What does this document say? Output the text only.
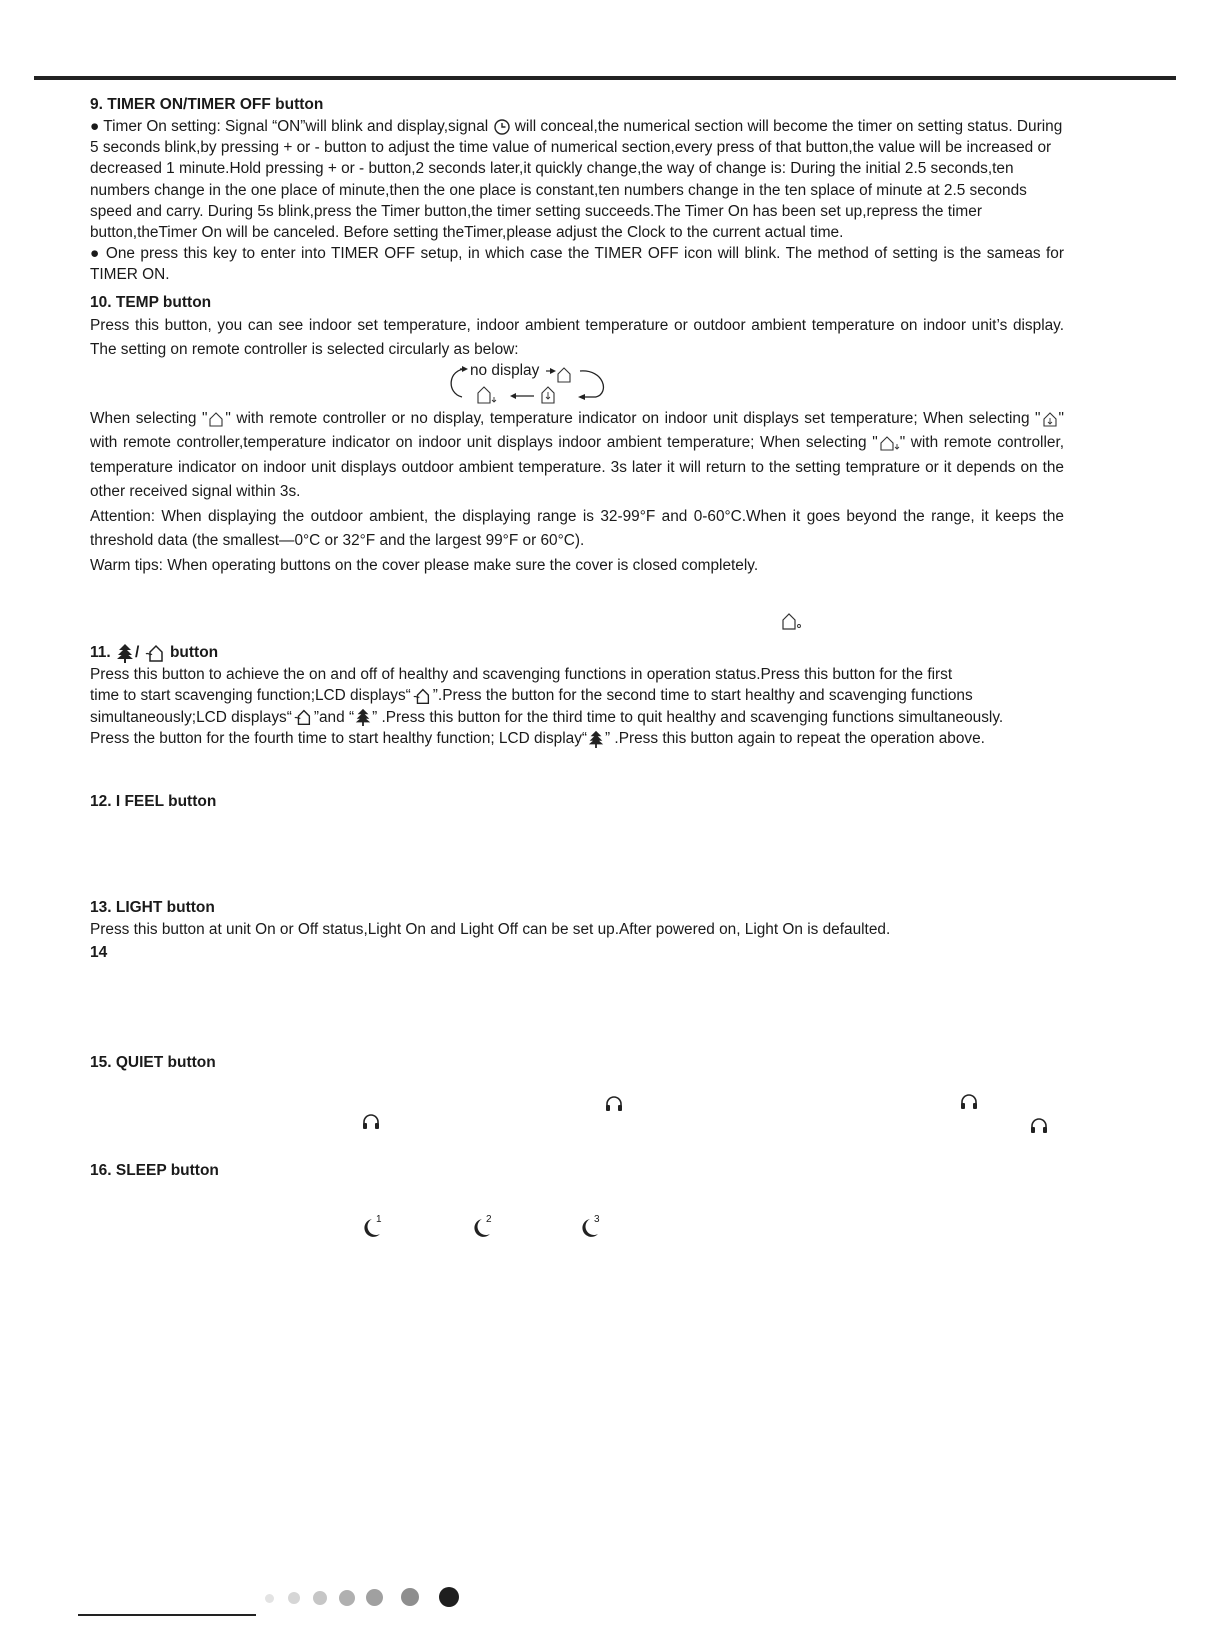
9. TIMER ON/TIMER OFF button

● Timer On setting: Signal “ON”will blink and display,signal will conceal,the numerical section will become the timer on setting status. During 5 seconds blink,by pressing + or - button to adjust the time value of numerical section,every press of that button,the value will be increased or decreased 1 minute.Hold pressing + or - button,2 seconds later,it quickly change,the way of change is: During the initial 2.5 seconds,ten numbers change in the one place of minute,then the one place is constant,ten numbers change in the ten splace of minute at 2.5 seconds speed and carry. During 5s blink,press the Timer button,the timer setting succeeds.The Timer On has been set up,repress the timer button,theTimer On will be canceled. Before setting theTimer,please adjust the Clock to the current actual time.

● One press this key to enter into TIMER OFF setup, in which case the TIMER OFF icon will blink. The method of setting is the sameas for TIMER ON.

10. TEMP button

Press this button, you can see indoor set temperature, indoor ambient temperature or outdoor ambient temperature on indoor unit’s display. The setting on remote controller is selected circularly as below:

no display

When selecting " " with remote controller or no display, temperature indicator on indoor unit displays set temperature; When selecting " " with remote controller,temperature indicator on indoor unit displays indoor ambient temperature; When selecting " " with remote controller, temperature indicator on indoor unit displays outdoor ambient temperature. 3s later it will return to the setting temprature or it depends on the other received signal within 3s.

Attention: When displaying the outdoor ambient, the displaying range is 32-99°F and 0-60°C.When it goes beyond the range, it keeps the threshold data (the smallest—0°C or 32°F and the largest 99°F or 60°C).

Warm tips: When operating buttons on the cover please make sure the cover is closed completely.

11. / button

Press this button to achieve the on and off of healthy and scavenging functions in operation status.Press this button for the first

time to start scavenging function;LCD displays“ ”.Press the button for the second time to start healthy and scavenging functions

simultaneously;LCD displays“ ”and “ ” .Press this button for the third time to quit healthy and scavenging functions simultaneously.

Press the button for the fourth time to start healthy function; LCD display“ ” .Press this button again to repeat the operation above.

12. I FEEL button

13. LIGHT button

Press this button at unit On or Off status,Light On and Light Off can be set up.After powered on, Light On is defaulted.

14

15. QUIET button

16. SLEEP button

1	2	3
